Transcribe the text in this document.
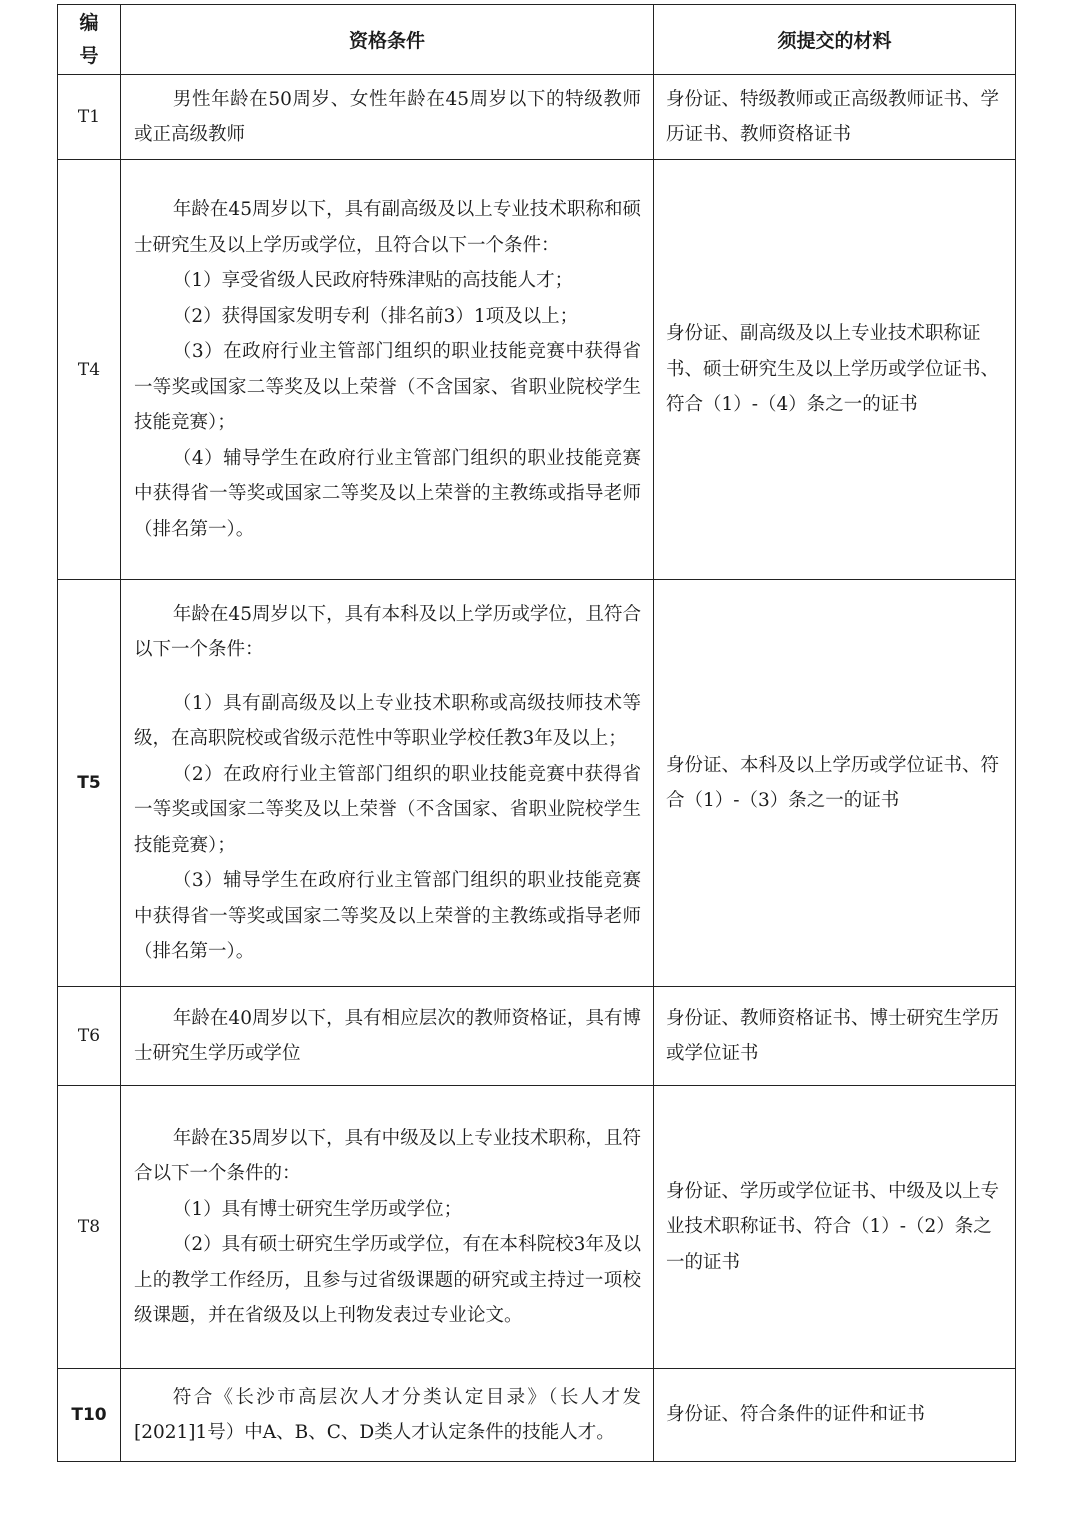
编
号	资格条件	须提交的材料
T1	男性年龄在50周岁、女性年龄在45周岁以下的特级教师或正高级教师	身份证、特级教师或正高级教师证书、学历证书、教师资格证书

T4	年龄在45周岁以下，具有副高级及以上专业技术职称和硕士研究生及以上学历或学位，且符合以下一个条件：

（1）享受省级人民政府特殊津贴的高技能人才；

（2）获得国家发明专利（排名前3）1项及以上；

（3）在政府行业主管部门组织的职业技能竞赛中获得省一等奖或国家二等奖及以上荣誉（不含国家、省职业院校学生技能竞赛）；

（4）辅导学生在政府行业主管部门组织的职业技能竞赛中获得省一等奖或国家二等奖及以上荣誉的主教练或指导老师（排名第一）。	身份证、副高级及以上专业技术职称证书、硕士研究生及以上学历或学位证书、符合（1）-（4）条之一的证书

T5	年龄在45周岁以下，具有本科及以上学历或学位，且符合以下一个条件：

（1）具有副高级及以上专业技术职称或高级技师技术等级，在高职院校或省级示范性中等职业学校任教3年及以上；

（2）在政府行业主管部门组织的职业技能竞赛中获得省一等奖或国家二等奖及以上荣誉（不含国家、省职业院校学生技能竞赛）；

（3）辅导学生在政府行业主管部门组织的职业技能竞赛中获得省一等奖或国家二等奖及以上荣誉的主教练或指导老师（排名第一）。	身份证、本科及以上学历或学位证书、符合（1）-（3）条之一的证书

T6	年龄在40周岁以下，具有相应层次的教师资格证，具有博士研究生学历或学位	身份证、教师资格证书、博士研究生学历或学位证书

T8	年龄在35周岁以下，具有中级及以上专业技术职称，且符合以下一个条件的：

（1）具有博士研究生学历或学位；

（2）具有硕士研究生学历或学位，有在本科院校3年及以上的教学工作经历，且参与过省级课题的研究或主持过一项校级课题，并在省级及以上刊物发表过专业论文。	身份证、学历或学位证书、中级及以上专业技术职称证书、符合（1）-（2）条之一的证书

T10	符合《长沙市高层次人才分类认定目录》（长人才发[2021]1号）中A、B、C、D类人才认定条件的技能人才。	身份证、符合条件的证件和证书
